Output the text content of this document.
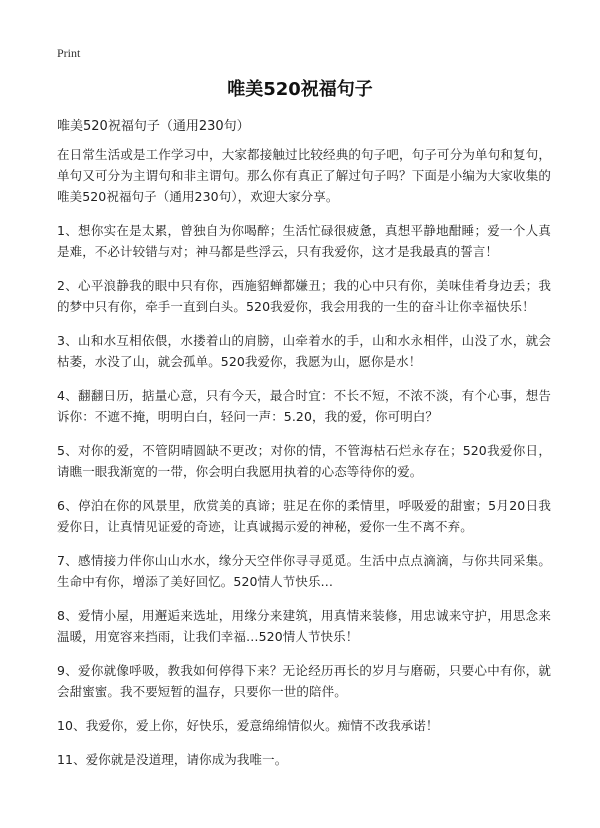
Print
唯美520祝福句子
唯美520祝福句子（通用230句）

在日常生活或是工作学习中，大家都接触过比较经典的句子吧，句子可分为单句和复句，单句又可分为主谓句和非主谓句。那么你有真正了解过句子吗？下面是小编为大家收集的唯美520祝福句子（通用230句），欢迎大家分享。

1、想你实在是太累，曾独自为你喝醉；生活忙碌很疲惫，真想平静地酣睡；爱一个人真是难，不必计较错与对；神马都是些浮云，只有我爱你，这才是我最真的誓言！

2、心平浪静我的眼中只有你，西施貂蝉都嫌丑；我的心中只有你，美味佳肴身边丢；我的梦中只有你，牵手一直到白头。520我爱你，我会用我的一生的奋斗让你幸福快乐！

3、山和水互相依偎，水搂着山的肩膀，山牵着水的手，山和水永相伴，山没了水，就会枯萎，水没了山，就会孤单。520我爱你，我愿为山，愿你是水！

4、翻翻日历，掂量心意，只有今天，最合时宜：不长不短，不浓不淡，有个心事，想告诉你：不遮不掩，明明白白，轻问一声：5.20，我的爱，你可明白？

5、对你的爱，不管阴晴圆缺不更改；对你的情，不管海枯石烂永存在；520我爱你日，请瞧一眼我渐宽的一带，你会明白我愿用执着的心态等待你的爱。

6、停泊在你的风景里，欣赏美的真谛；驻足在你的柔情里，呼吸爱的甜蜜；5月20日我爱你日，让真情见证爱的奇迹，让真诚揭示爱的神秘，爱你一生不离不弃。

7、感情接力伴你山山水水，缘分天空伴你寻寻觅觅。生活中点点滴滴，与你共同采集。生命中有你，增添了美好回忆。520情人节快乐…

8、爱情小屋，用邂逅来选址，用缘分来建筑，用真情来装修，用忠诚来守护，用思念来温暖，用宽容来挡雨，让我们幸福…520情人节快乐！

9、爱你就像呼吸，教我如何停得下来？无论经历再长的岁月与磨砺，只要心中有你，就会甜蜜蜜。我不要短暂的温存，只要你一世的陪伴。

10、我爱你，爱上你，好快乐，爱意绵绵情似火。痴情不改我承诺！

11、爱你就是没道理，请你成为我唯一。
